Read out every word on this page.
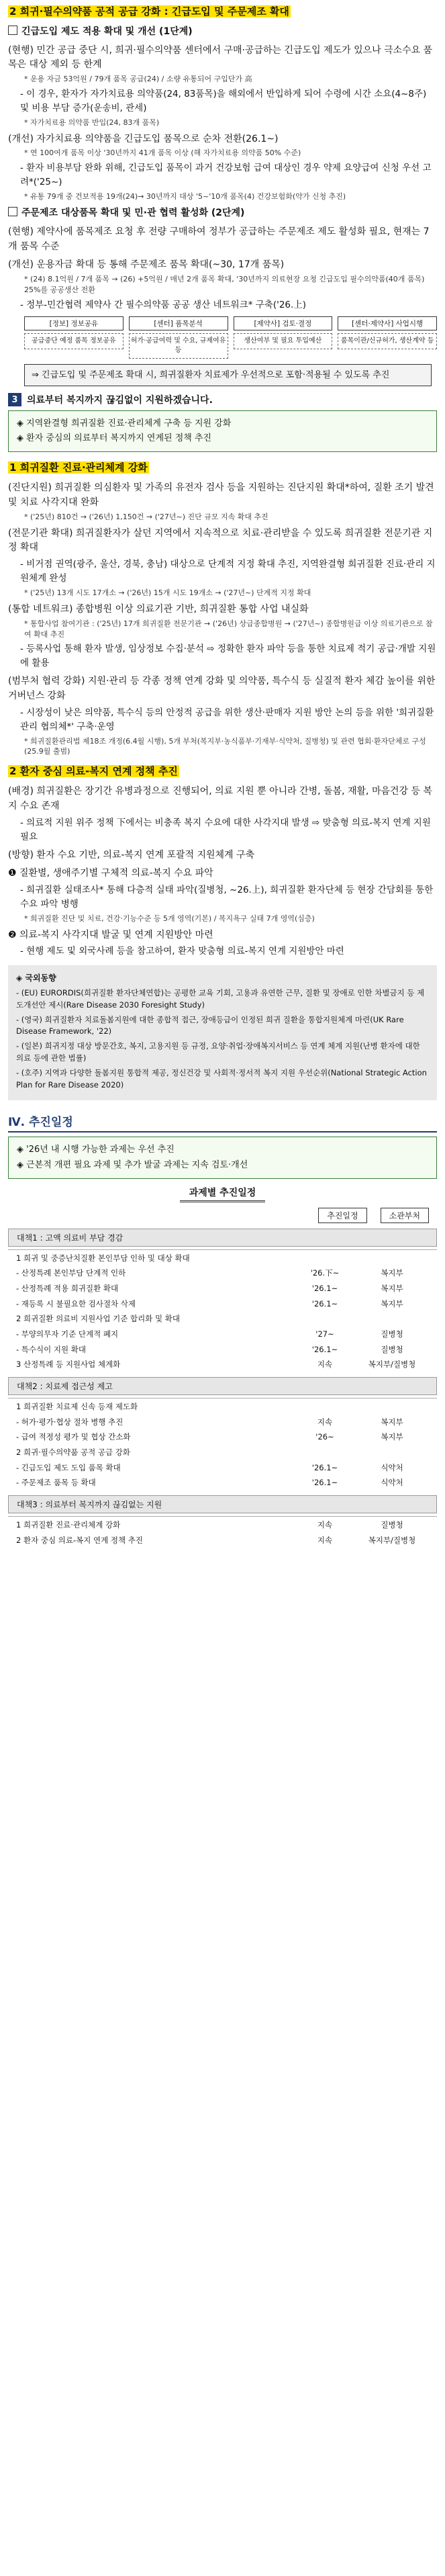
2 희귀·필수의약품 공적 공급 강화 : 긴급도입 및 주문제조 확대
긴급도입 제도 적용 확대 및 개선 (1단계)
(현행) 민간 공급 중단 시, 희귀·필수의약품 센터에서 구매·공급하는 긴급도입 제도가 있으나 극소수요 품목은 대상 제외 등 한계
* 운용 자금 53억원 / 79개 품목 공급(24) / 소량 유통되어 구입단가 高
- 이 경우, 환자가 자가치료용 의약품(24, 83품목)을 해외에서 반입하게 되어 수령에 시간 소요(4~8주) 및 비용 부담 증가(운송비, 관세)
* 자가치료용 의약품 반입(24, 83개 품목)
(개선) 자가치료용 의약품을 긴급도입 품목으로 순차 전환(26.1~)
* 연 100여개 품목 이상 '30년까지 41개 품목 이상 (해 자가치료용 의약품 50% 수준)
- 환자 비용부담 완화 위해, 긴급도입 품목이 과거 건강보험 급여 대상인 경우 약제 요양급여 신청 우선 고려*('25~)
* 유통 79개 중 건보적용 19개(24)→ 30년까지 대상 '5~'10개 품목(4) 건강보험화(약가 신청 추진)
주문제조 대상품목 확대 및 민·관 협력 활성화 (2단계)
(현행) 제약사에 품목제조 요청 후 전량 구매하여 정부가 공급하는 주문제조 제도 활성화 필요, 현재는 7개 품목 수준
(개선) 운용자금 확대 등 통해 주문제조 품목 확대(~30, 17개 품목)
* (24) 8.1억원 / 7개 품목 → (26) +5억원 / 매년 2개 품목 확대, '30년까지 의료현장 요청 긴급도입 필수의약품(40개 품목) 25%를 공공생산 전환
- 정부-민간협력 제약사 간 필수의약품 공공 생산 네트워크* 구축('26.上)
[정보] 정보공유
공급중단 예정 품목 정보공유
[센터] 품목분석
허가·공급여력 및 수요, 규제여유 등
[제약사] 검토·결정
생산여부 및 필요 투입예산
[센터·제약사] 사업시행
품목이관/신규허가, 생산계약 등
⇒ 긴급도입 및 주문제조 확대 시, 희귀질환자 치료제가 우선적으로 포함·적용될 수 있도록 추진
3 의료부터 복지까지 끊김없이 지원하겠습니다.
◈ 지역완결형 희귀질환 진료·관리체계 구축 등 지원 강화
◈ 환자 중심의 의료부터 복지까지 연계된 정책 추진
1 희귀질환 진료·관리체계 강화
(진단지원) 희귀질환 의심환자 및 가족의 유전자 검사 등을 지원하는 진단지원 확대*하여, 질환 조기 발견 및 치료 사각지대 완화
* ('25년) 810건 → ('26년) 1,150건 → ('27년~) 진단 규모 지속 확대 추진
(전문기관 확대) 희귀질환자가 살던 지역에서 지속적으로 치료·관리받을 수 있도록 희귀질환 전문기관 지정 확대
- 비거점 권역(광주, 울산, 경북, 충남) 대상으로 단계적 지정 확대 추진, 지역완결형 희귀질환 진료·관리 지원체계 완성
* ('25년) 13개 시도 17개소 → ('26년) 15개 시도 19개소 → ('27년~) 단계적 지정 확대
(통합 네트워크) 종합병원 이상 의료기관 기반, 희귀질환 통합 사업 내실화
* 통합사업 참여기관 : ('25년) 17개 희귀질환 전문기관 → ('26년) 상급종합병원 → ('27년~) 종합병원급 이상 의료기관으로 참여 확대 추진
- 등록사업 통해 환자 발생, 임상정보 수집·분석 ⇨ 정확한 환자 파악 등을 통한 치료제 적기 공급·개발 지원에 활용
(범부처 협력 강화) 지원·관리 등 각종 정책 연계 강화 및 의약품, 특수식 등 실질적 환자 체감 높이를 위한 거버넌스 강화
- 시장성이 낮은 의약품, 특수식 등의 안정적 공급을 위한 생산·판매자 지원 방안 논의 등을 위한 '희귀질환 관리 협의체*' 구축·운영
* 희귀질환관리법 제18조 개정(6.4월 시행), 5개 부처(복지부·농식품부·기재부·식약처, 질병청) 및 관련 협회·환자단체로 구성(25.9월 출범)
2 환자 중심 의료-복지 연계 정책 추진
(배경) 희귀질환은 장기간 유병과정으로 진행되어, 의료 지원 뿐 아니라 간병, 돌봄, 재활, 마음건강 등 복지 수요 존재
- 의료적 지원 위주 정책 下에서는 비충족 복지 수요에 대한 사각지대 발생 ⇨ 맞춤형 의료-복지 연계 지원 필요
(방향) 환자 수요 기반, 의료-복지 연계 포괄적 지원체계 구축
❶ 질환별, 생애주기별 구체적 의료-복지 수요 파악
- 희귀질환 실태조사* 통해 다층적 실태 파악(질병청, ~26.上), 희귀질환 환자단체 등 현장 간담회를 통한 수요 파악 병행
* 희귀질환 진단 및 치료, 건강·기능수준 등 5개 영역(기본) / 복지욕구 실태 7개 영역(심층)
❷ 의료-복지 사각지대 발굴 및 연계 지원방안 마련
- 현행 제도 및 외국사례 등을 참고하여, 환자 맞춤형 의료-복지 연계 지원방안 마련
◈ 국외동향
- (EU) EURORDIS(희귀질환 환자단체연합)는 공평한 교육 기회, 고용과 유연한 근무, 질환 및 장애로 인한 차별금지 등 제도개선안 제시(Rare Disease 2030 Foresight Study)
- (영국) 희귀질환자 치료돌봄지원에 대한 종합적 접근, 장애등급이 인정된 희귀 질환을 통합지원체계 마련(UK Rare Disease Framework, '22)
- (일본) 희귀지정 대상 방문간호, 복지, 고용지원 등 규정, 요양·취업·장애복지서비스 등 연계 체계 지원(난병 환자에 대한 의료 등에 관한 법률)
- (호주) 지역과 다양한 돌봄지원 통합적 제공, 정신건강 및 사회적·정서적 복지 지원 우선순위(National Strategic Action Plan for Rare Disease 2020)
Ⅳ. 추진일정
◈ '26년 내 시행 가능한 과제는 우선 추진
◈ 근본적 개편 필요 과제 및 추가 발굴 과제는 지속 검토·개선
과제별 추진일정
추진일정	소관부처
대책1 : 고액 의료비 부담 경감
1 희귀 및 중증난치질환 본인부담 인하 및 대상 확대
- 산정특례 본인부담 단계적 인하	'26.下~	복지부
- 산정특례 적용 희귀질환 확대	'26.1~	복지부
- 재등록 시 불필요한 검사절차 삭제	'26.1~	복지부
2 희귀질환 의료비 지원사업 기준 합리화 및 확대
- 부양의무자 기준 단계적 폐지	'27~	질병청
- 특수식이 지원 확대	'26.1~	질병청
3 산정특례 등 지원사업 체계화	지속	복지부/질병청
대책2 : 치료제 접근성 제고
1 희귀질환 치료제 신속 등재 제도화
- 허가·평가·협상 절차 병행 추진	지속	복지부
- 급여 적정성 평가 및 협상 간소화	'26~	복지부
2 희귀·필수의약품 공적 공급 강화
- 긴급도입 제도 도입 품목 확대	'26.1~	식약처
- 주문제조 품목 등 확대	'26.1~	식약처
대책3 : 의료부터 복지까지 끊김없는 지원
1 희귀질환 진료·관리체계 강화	지속	질병청
2 환자 중심 의료-복지 연계 정책 추진	지속	복지부/질병청
